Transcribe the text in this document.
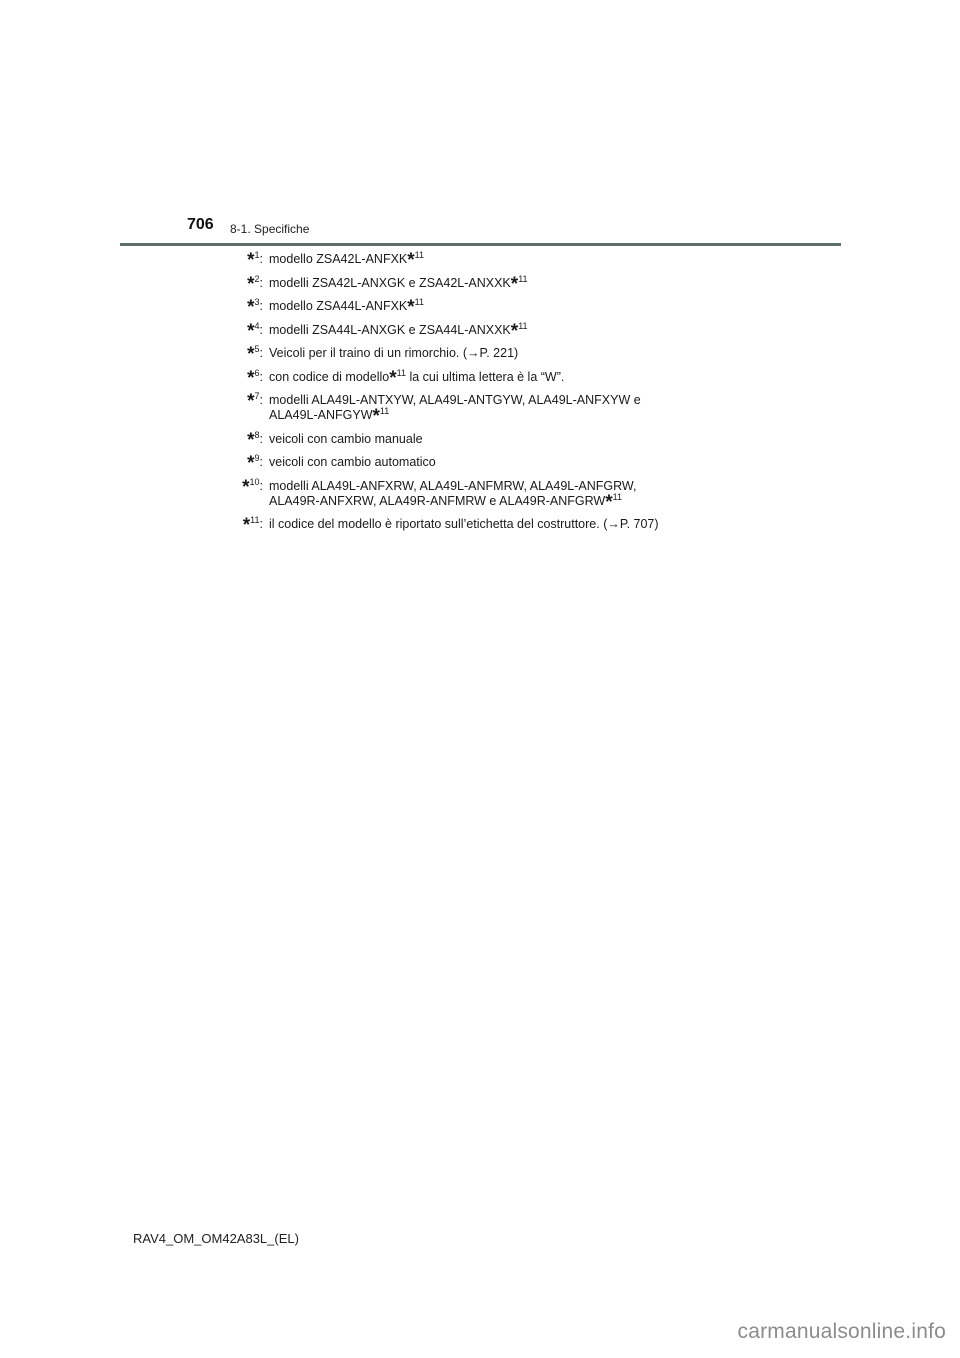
706 8-1. Specifiche
*$^1$: modello ZSA42L-ANFXK*$^{11}$
*$^2$: modelli ZSA42L-ANXGK e ZSA42L-ANXXK*$^{11}$
*$^3$: modello ZSA44L-ANFXK*$^{11}$
*$^4$: modelli ZSA44L-ANXGK e ZSA44L-ANXXK*$^{11}$
*$^5$: Veicoli per il traino di un rimorchio. (→P. 221)
*$^6$: con codice di modello*$^{11}$ la cui ultima lettera è la “W”.
*$^7$: modelli ALA49L-ANTXYW, ALA49L-ANTGYW, ALA49L-ANFXYW e
ALA49L-ANFGYW*$^{11}$
*$^8$: veicoli con cambio manuale
*$^9$: veicoli con cambio automatico
*$^{10}$: modelli ALA49L-ANFXRW, ALA49L-ANFMRW, ALA49L-ANFGRW,
ALA49R-ANFXRW, ALA49R-ANFMRW e ALA49R-ANFGRW*$^{11}$
*$^{11}$: il codice del modello è riportato sull’etichetta del costruttore. (→P. 707)
RAV4_OM_OM42A83L_(EL)
carmanualsonline.info
